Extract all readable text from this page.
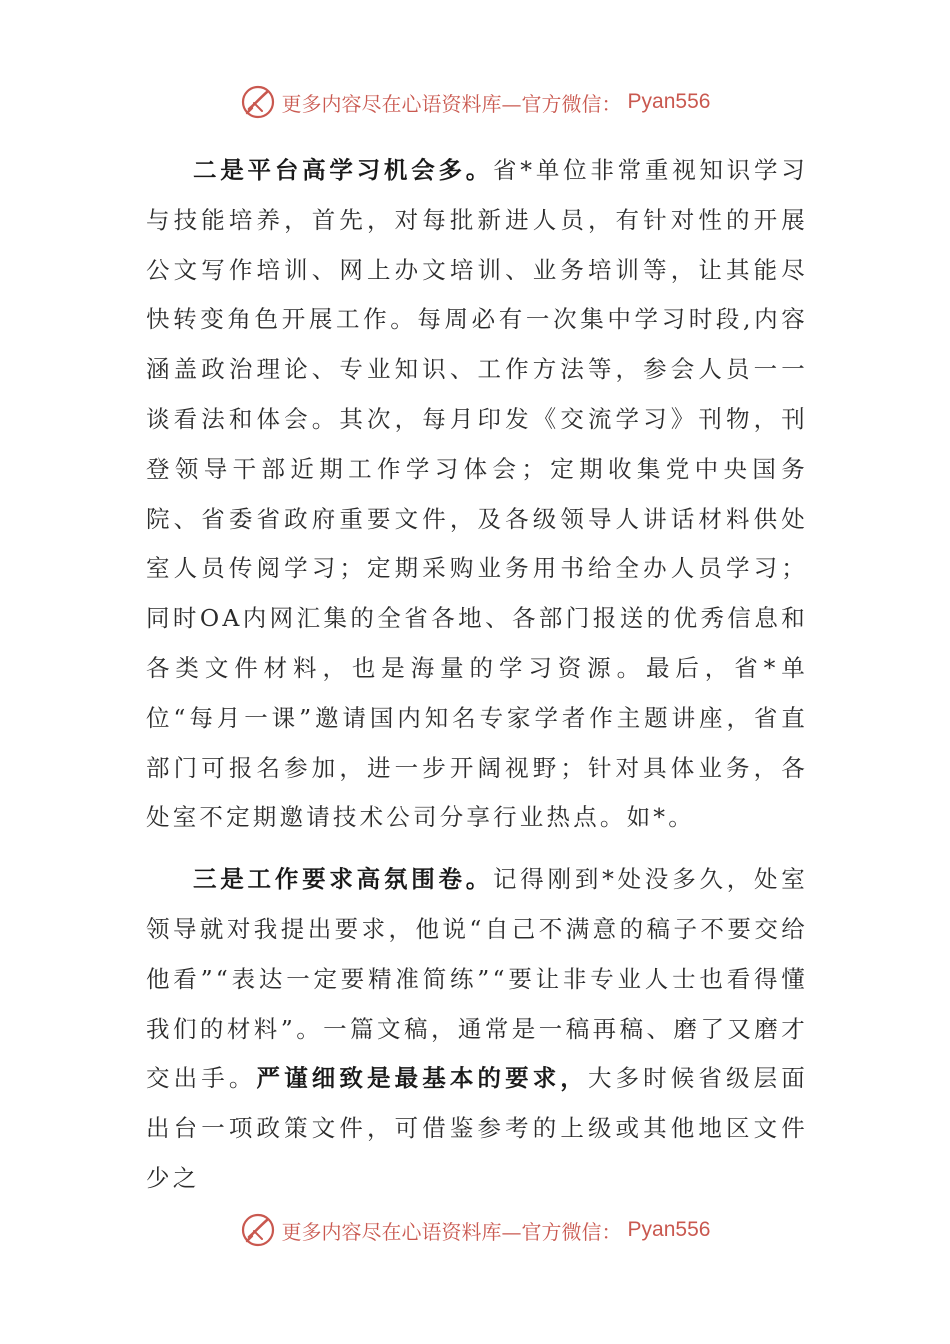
更多内容尽在心语资料库—官方微信： Pyan556

二是平台高学习机会多。省*单位非常重视知识学习与技能培养，首先，对每批新进人员，有针对性的开展公文写作培训、网上办文培训、业务培训等，让其能尽快转变角色开展工作。每周必有一次集中学习时段,内容涵盖政治理论、专业知识、工作方法等，参会人员一一谈看法和体会。其次，每月印发《交流学习》刊物，刊登领导干部近期工作学习体会；定期收集党中央国务院、省委省政府重要文件，及各级领导人讲话材料供处室人员传阅学习；定期采购业务用书给全办人员学习；同时OA内网汇集的全省各地、各部门报送的优秀信息和各类文件材料，也是海量的学习资源。最后，省*单位“每月一课”邀请国内知名专家学者作主题讲座，省直部门可报名参加，进一步开阔视野；针对具体业务，各处室不定期邀请技术公司分享行业热点。如*。

三是工作要求高氛围卷。记得刚到*处没多久，处室领导就对我提出要求，他说“自己不满意的稿子不要交给他看”“表达一定要精准简练”“要让非专业人士也看得懂我们的材料”。一篇文稿，通常是一稿再稿、磨了又磨才交出手。严谨细致是最基本的要求，大多时候省级层面出台一项政策文件，可借鉴参考的上级或其他地区文件少之

更多内容尽在心语资料库—官方微信： Pyan556
